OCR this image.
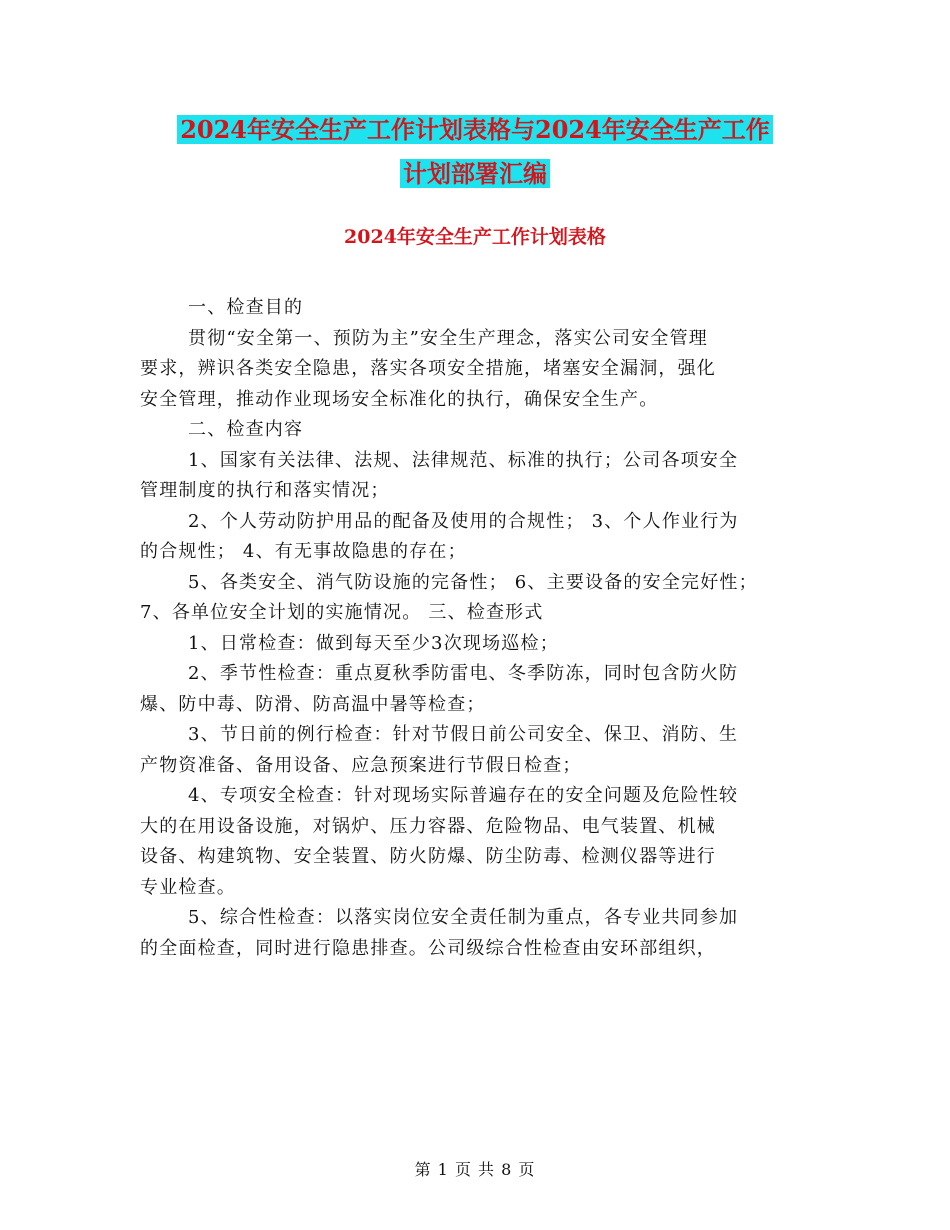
2024年安全生产工作计划表格与2024年安全生产工作
计划部署汇编
2024年安全生产工作计划表格

一、检查目的

贯彻“安全第一、预防为主”安全生产理念，落实公司安全管理

要求，辨识各类安全隐患，落实各项安全措施，堵塞安全漏洞，强化

安全管理，推动作业现场安全标准化的执行，确保安全生产。

二、检查内容

1、国家有关法律、法规、法律规范、标准的执行；公司各项安全

管理制度的执行和落实情况；

2、个人劳动防护用品的配备及使用的合规性； 3、个人作业行为

的合规性； 4、有无事故隐患的存在；

5、各类安全、消气防设施的完备性； 6、主要设备的安全完好性；

7、各单位安全计划的实施情况。 三、检查形式

1、日常检查：做到每天至少3次现场巡检；

2、季节性检查：重点夏秋季防雷电、冬季防冻，同时包含防火防

爆、防中毒、防滑、防高温中暑等检查；

3、节日前的例行检查：针对节假日前公司安全、保卫、消防、生

产物资准备、备用设备、应急预案进行节假日检查；

4、专项安全检查：针对现场实际普遍存在的安全问题及危险性较

大的在用设备设施，对锅炉、压力容器、危险物品、电气装置、机械

设备、构建筑物、安全装置、防火防爆、防尘防毒、检测仪器等进行

专业检查。

5、综合性检查：以落实岗位安全责任制为重点，各专业共同参加

的全面检查，同时进行隐患排查。公司级综合性检查由安环部组织，

第 1 页 共 8 页
